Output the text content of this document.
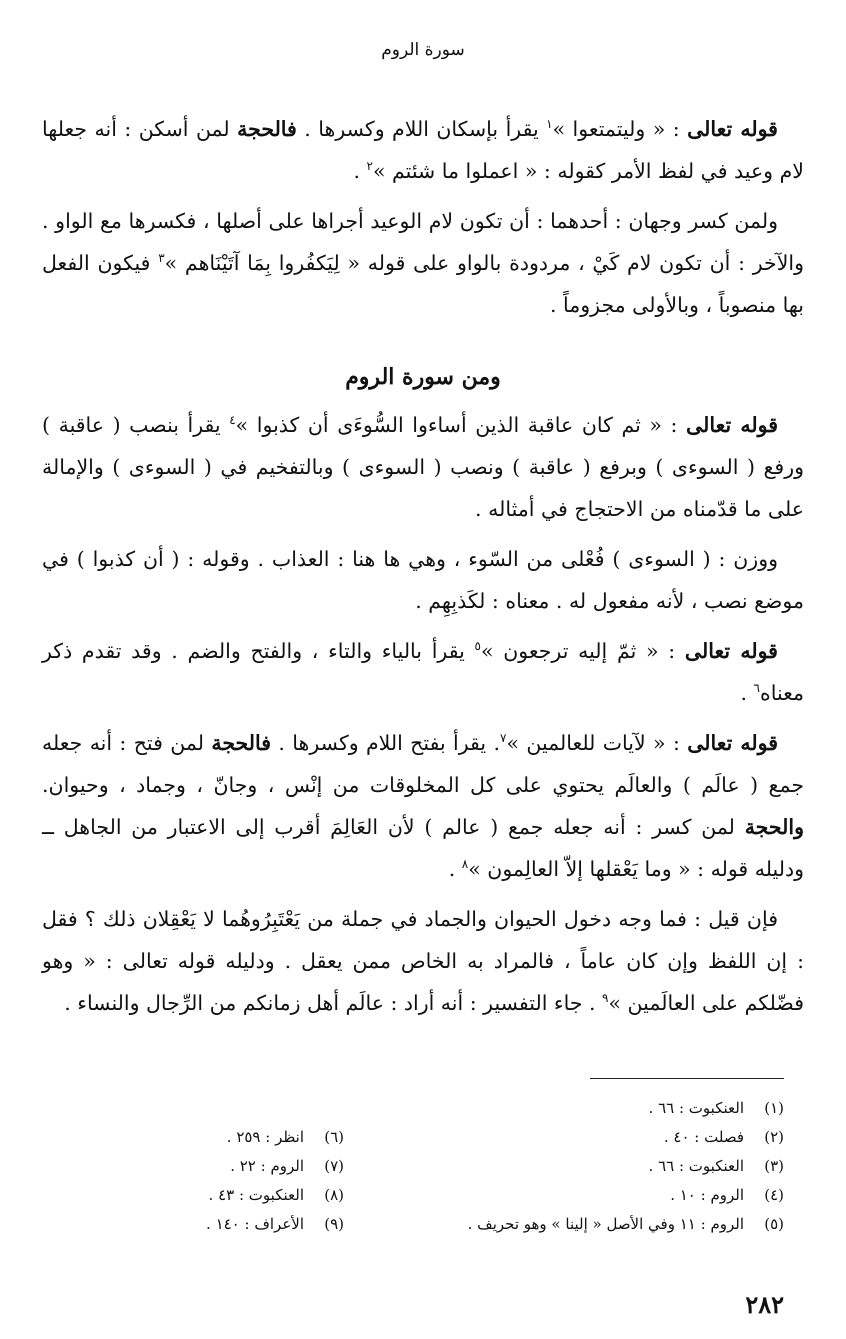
سورة الروم

قوله تعالى : « وليتمتعوا »$^١$ يقرأ بإسكان اللام وكسرها . فالحجة لمن أسكن : أنه جعلها لام وعيد في لفظ الأمر كقوله : « اعملوا ما شئتم »$^٢$ .

ولمن كسر وجهان : أحدهما : أن تكون لام الوعيد أجراها على أصلها ، فكسرها مع الواو . والآخر : أن تكون لام كَيْ ، مردودة بالواو على قوله « لِيَكفُروا بِمَا آتَيْنَاهم »$^٣$ فيكون الفعل بها منصوباً ، وبالأولى مجزوماً .

ومن سورة الروم

قوله تعالى : « ثم كان عاقبة الذين أساءوا السُّوءَى أن كذبوا »$^٤$ يقرأ بنصب ( عاقبة ) ورفع ( السوءى ) وبرفع ( عاقبة ) ونصب ( السوءى ) وبالتفخيم في ( السوءى ) والإمالة على ما قدّمناه من الاحتجاج في أمثاله .

ووزن : ( السوءى ) فُعْلى من السّوء ، وهي ها هنا : العذاب . وقوله : ( أن كذبوا ) في موضع نصب ، لأنه مفعول له . معناه : لكَذبِهِم .

قوله تعالى : « ثمّ إليه ترجعون »$^٥$ يقرأ بالياء والتاء ، والفتح والضم . وقد تقدم ذكر معناه$^٦$ .

قوله تعالى : « لآيات للعالمين »$^٧$. يقرأ بفتح اللام وكسرها . فالحجة لمن فتح : أنه جعله جمع ( عالَم ) والعالَم يحتوي على كل المخلوقات من إنْس ، وجانّ ، وجماد ، وحيوان. والحجة لمن كسر : أنه جعله جمع ( عالم ) لأن العَالِمَ أقرب إلى الاعتبار من الجاهل ــ ودليله قوله : « وما يَعْقلها إلاّ العالِمون »$^٨$ .

فإن قيل : فما وجه دخول الحيوان والجماد في جملة من يَعْتَبِرُوهُما لا يَعْقِلان ذلك ؟ فقل : إن اللفظ وإن كان عاماً ، فالمراد به الخاص ممن يعقل . ودليله قوله تعالى : « وهو فضّلكم على العالَمين »$^٩$ . جاء التفسير : أنه أراد : عالَم أهل زمانكم من الرِّجال والنساء .

(١)العنكبوت : ٦٦ .
(٢)فصلت : ٤٠ .
(٣)العنكبوت : ٦٦ .
(٤)الروم : ١٠ .
(٥)الروم : ١١ وفي الأصل « إلينا » وهو تحريف .
(٦)انظر : ٢٥٩ .
(٧)الروم : ٢٢ .
(٨)العنكبوت : ٤٣ .
(٩)الأعراف : ١٤٠ .
٢٨٢
